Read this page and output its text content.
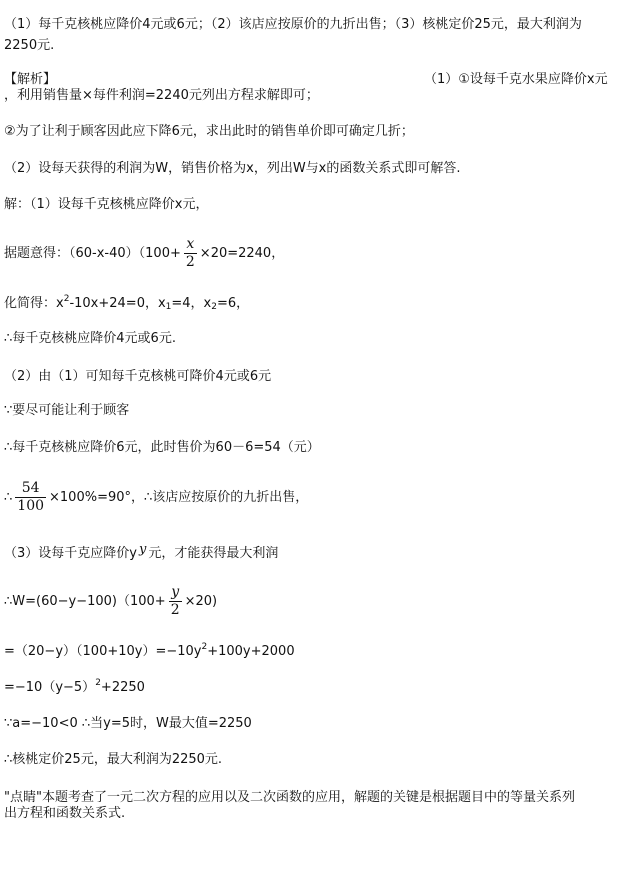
（1）每千克核桃应降价4元或6元；（2）该店应按原价的九折出售；（3）核桃定价25元，最大利润为
2250元.
【解析】	（1）①设每千克水果应降价x元
，利用销售量×每件利润=2240元列出方程求解即可；
②为了让利于顾客因此应下降6元，求出此时的销售单价即可确定几折；
（2）设每天获得的利润为W，销售价格为x，列出W与x的函数关系式即可解答.
解：（1）设每千克核桃应降价x元，
据题意得：$(60-x-40)(100+ \frac{x}{2} \times 20=2240$，
化简得：$x^2-10x+24=0$，$x_1=4$，$x_2=6$，
∴每千克核桃应降价4元或6元.
（2）由（1）可知每千克核桃可降价4元或6元
∵要尽可能让利于顾客
∴每千克核桃应降价6元，此时售价为60－6=54（元）
∴ $\frac{54}{100} \times 100\%=90^\circ$，∴该店应按原价的九折出售，
（3）设每千克应降价y y 元，才能获得最大利润
∴W=(60−y−100)（100+ $\frac{y}{2} \times 20$)
$=(20-y)(100+10y)=-10y^2+100y+2000$
$=-10(y-5)^2+2250$
∵a=−10<0 ∴当y=5时，W最大值=2250
∴核桃定价25元，最大利润为2250元.
"点睛"本题考查了一元二次方程的应用以及二次函数的应用，解题的关键是根据题目中的等量关系列
出方程和函数关系式.
